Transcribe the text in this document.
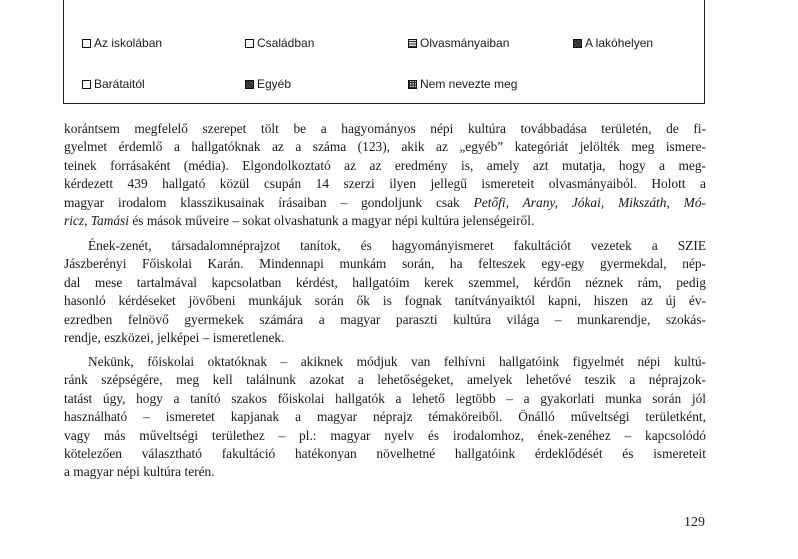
Az iskolában	Családban	Olvasmányaiban	A lakóhelyen
Barátaitól	Egyéb	Nem nevezte meg
korántsem megfelelő szerepet tölt be a hagyományos népi kultúra továbbadása területén, de fi-
gyelmet érdemlő a hallgatóknak az a száma (123), akik az „egyéb” kategóriát jelölték meg ismere-
teinek forrásaként (média). Elgondolkoztató az az eredmény is, amely azt mutatja, hogy a meg-
kérdezett 439 hallgató közül csupán 14 szerzi ilyen jellegű ismereteit olvasmányaiból. Holott a
magyar irodalom klasszikusainak írásaiban – gondoljunk csak Petőfi, Arany, Jókai, Mikszáth, Mó-
ricz, Tamási és mások műveire – sokat olvashatunk a magyar népi kultúra jelenségeiről.
Ének-zenét, társadalomnéprajzot tanítok, és hagyományismeret fakultációt vezetek a SZIE
Jászberényi Főiskolai Karán. Mindennapi munkám során, ha felteszek egy-egy gyermekdal, nép-
dal mese tartalmával kapcsolatban kérdést, hallgatóim kerek szemmel, kérdőn néznek rám, pedig
hasonló kérdéseket jövőbeni munkájuk során ők is fognak tanítványaiktól kapni, hiszen az új év-
ezredben felnövő gyermekek számára a magyar paraszti kultúra világa – munkarendje, szokás-
rendje, eszközei, jelképei – ismeretlenek.
Nekünk, főiskolai oktatóknak – akiknek módjuk van felhívni hallgatóink figyelmét népi kultú-
ránk szépségére, meg kell találnunk azokat a lehetőségeket, amelyek lehetővé teszik a néprajzok-
tatást úgy, hogy a tanító szakos főiskolai hallgatók a lehető legtöbb – a gyakorlati munka során jól
használható – ismeretet kapjanak a magyar néprajz témaköreiből. Önálló műveltségi területként,
vagy más műveltségi területhez – pl.: magyar nyelv és irodalomhoz, ének-zenéhez – kapcsolódó
kötelezően választható fakultáció hatékonyan növelhetné hallgatóink érdeklődését és ismereteit
a magyar népi kultúra terén.
129
